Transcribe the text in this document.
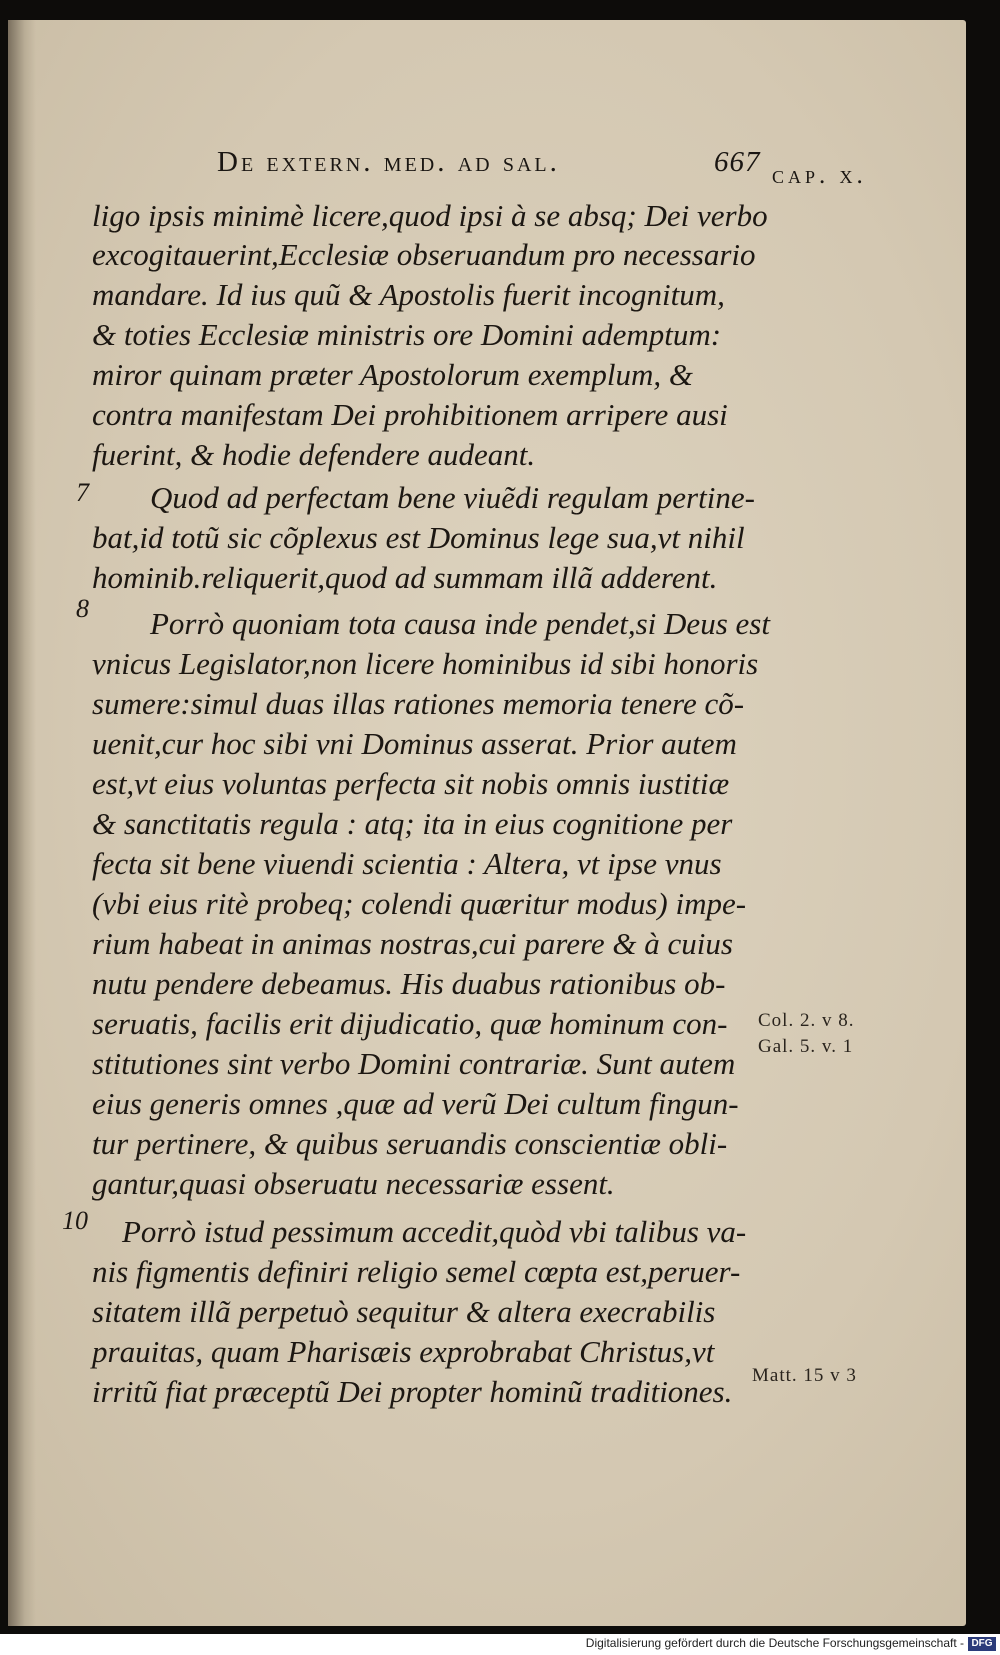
De extern. med. ad sal.	667 cap. x.
ligo ipsis minimè licere,quod ipsi à se absq; Dei verbo
excogitauerint,Ecclesiæ obseruandum pro necessario
mandare. Id ius quũ & Apostolis fuerit incognitum,
& toties Ecclesiæ ministris ore Domini ademptum:
miror quinam præter Apostolorum exemplum, &
contra manifestam Dei prohibitionem arripere ausi
fuerint, & hodie defendere audeant.
Quod ad perfectam bene viuẽdi regulam pertine-
bat,id totũ sic cõplexus est Dominus lege sua,vt nihil
hominib.reliquerit,quod ad summam illã adderent.
Porrò quoniam tota causa inde pendet,si Deus est
vnicus Legislator,non licere hominibus id sibi honoris
sumere:simul duas illas rationes memoria tenere cõ-
uenit,cur hoc sibi vni Dominus asserat. Prior autem
est,vt eius voluntas perfecta sit nobis omnis iustitiæ
& sanctitatis regula : atq; ita in eius cognitione per
fecta sit bene viuendi scientia : Altera, vt ipse vnus
(vbi eius ritè probeq; colendi quæritur modus) impe-
rium habeat in animas nostras,cui parere & à cuius
nutu pendere debeamus. His duabus rationibus ob-
seruatis, facilis erit dijudicatio, quæ hominum con-
stitutiones sint verbo Domini contrariæ. Sunt autem
eius generis omnes ,quæ ad verũ Dei cultum fingun-
tur pertinere, & quibus seruandis conscientiæ obli-
gantur,quasi obseruatu necessariæ essent.
Porrò istud pessimum accedit,quòd vbi talibus va-
nis figmentis definiri religio semel cœpta est,peruer-
sitatem illã perpetuò sequitur & altera execrabilis
prauitas, quam Pharisæis exprobrabat Christus,vt
irritũ fiat præceptũ Dei propter hominũ traditiones.
7
8
10
Col. 2. v 8.
Gal. 5. v. 1
Matt. 15 v 3
Digitalisierung gefördert durch die Deutsche Forschungsgemeinschaft - DFG
